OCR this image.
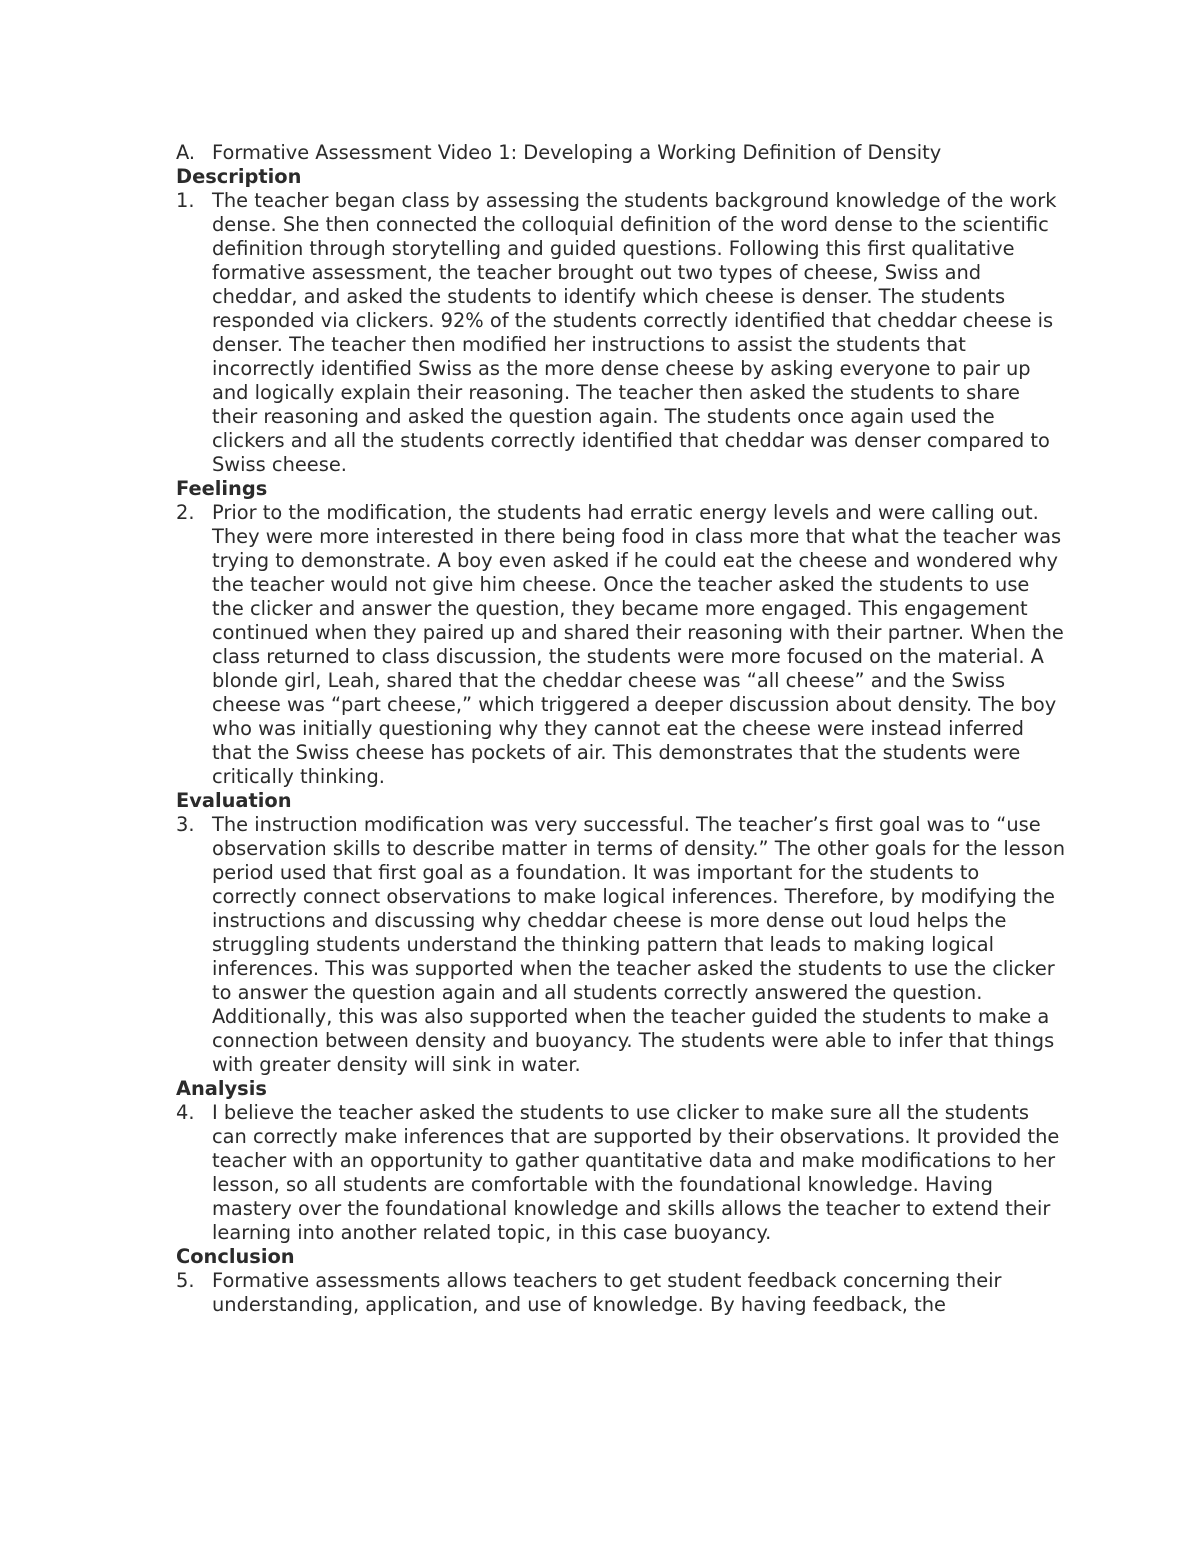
A. Formative Assessment Video 1: Developing a Working Definition of Density

Description

1. The teacher began class by assessing the students background knowledge of the work dense. She then connected the colloquial definition of the word dense to the scientific definition through storytelling and guided questions. Following this first qualitative formative assessment, the teacher brought out two types of cheese, Swiss and cheddar, and asked the students to identify which cheese is denser. The students responded via clickers. 92% of the students correctly identified that cheddar cheese is denser. The teacher then modified her instructions to assist the students that incorrectly identified Swiss as the more dense cheese by asking everyone to pair up and logically explain their reasoning. The teacher then asked the students to share their reasoning and asked the question again. The students once again used the clickers and all the students correctly identified that cheddar was denser compared to Swiss cheese.

Feelings

2. Prior to the modification, the students had erratic energy levels and were calling out. They were more interested in there being food in class more that what the teacher was trying to demonstrate. A boy even asked if he could eat the cheese and wondered why the teacher would not give him cheese. Once the teacher asked the students to use the clicker and answer the question, they became more engaged. This engagement continued when they paired up and shared their reasoning with their partner. When the class returned to class discussion, the students were more focused on the material. A blonde girl, Leah, shared that the cheddar cheese was “all cheese” and the Swiss cheese was “part cheese,” which triggered a deeper discussion about density. The boy who was initially questioning why they cannot eat the cheese were instead inferred that the Swiss cheese has pockets of air. This demonstrates that the students were critically thinking.

Evaluation

3. The instruction modification was very successful. The teacher’s first goal was to “use observation skills to describe matter in terms of density.” The other goals for the lesson period used that first goal as a foundation. It was important for the students to correctly connect observations to make logical inferences. Therefore, by modifying the instructions and discussing why cheddar cheese is more dense out loud helps the struggling students understand the thinking pattern that leads to making logical inferences. This was supported when the teacher asked the students to use the clicker to answer the question again and all students correctly answered the question. Additionally, this was also supported when the teacher guided the students to make a connection between density and buoyancy. The students were able to infer that things with greater density will sink in water.

Analysis

4. I believe the teacher asked the students to use clicker to make sure all the students can correctly make inferences that are supported by their observations. It provided the teacher with an opportunity to gather quantitative data and make modifications to her lesson, so all students are comfortable with the foundational knowledge. Having mastery over the foundational knowledge and skills allows the teacher to extend their learning into another related topic, in this case buoyancy.

Conclusion

5. Formative assessments allows teachers to get student feedback concerning their understanding, application, and use of knowledge. By having feedback, the
